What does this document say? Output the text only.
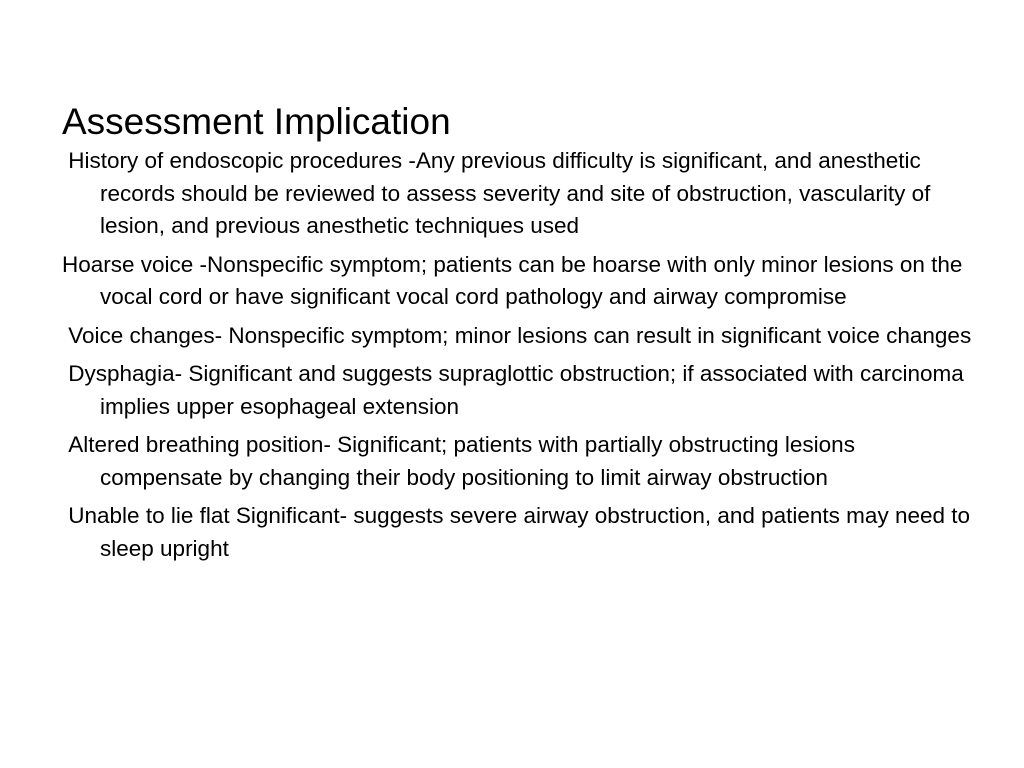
Assessment Implication

History of endoscopic procedures -Any previous difficulty is significant, and anesthetic records should be reviewed to assess severity and site of obstruction, vascularity of lesion, and previous anesthetic techniques used

Hoarse voice -Nonspecific symptom; patients can be hoarse with only minor lesions on the vocal cord or have significant vocal cord pathology and airway compromise

Voice changes- Nonspecific symptom; minor lesions can result in significant voice changes

Dysphagia- Significant and suggests supraglottic obstruction; if associated with carcinoma implies upper esophageal extension

Altered breathing position- Significant; patients with partially obstructing lesions compensate by changing their body positioning to limit airway obstruction

Unable to lie flat Significant- suggests severe airway obstruction, and patients may need to sleep upright
